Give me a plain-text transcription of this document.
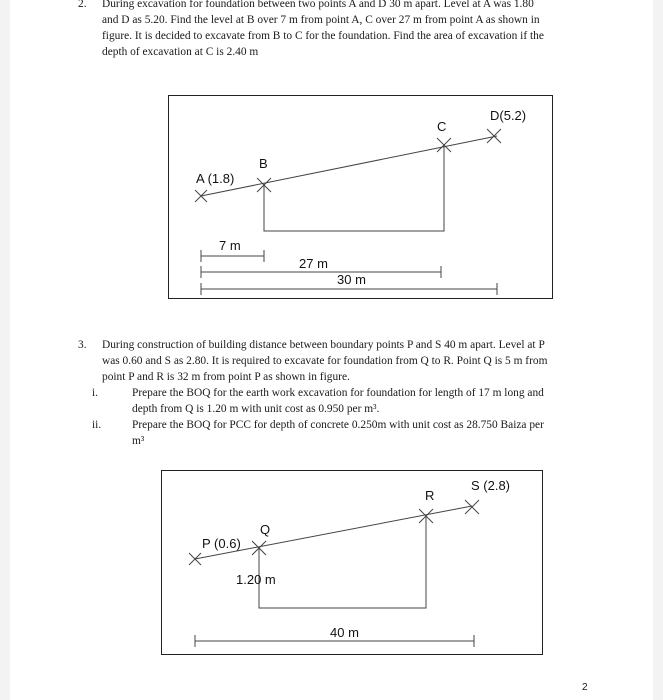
2. During excavation for foundation between two points A and D 30 m apart. Level at A was 1.80
and D as 5.20. Find the level at B over 7 m from point A, C over 27 m from point A as shown in
figure. It is decided to excavate from B to C for the foundation. Find the area of excavation if the
depth of excavation at C is 2.40 m
A (1.8)
B
C
D(5.2)
7 m
27 m
30 m
3. During construction of building distance between boundary points P and S 40 m apart. Level at P
was 0.60 and S as 2.80. It is required to excavate for foundation from Q to R. Point Q is 5 m from
point P and R is 32 m from point P as shown in figure.
i.	Prepare the BOQ for the earth work excavation for foundation for length of 17 m long and
depth from Q is 1.20 m with unit cost as 0.950 per m³.
ii.	Prepare the BOQ for PCC for depth of concrete 0.250m with unit cost as 28.750 Baiza per
m³
P (0.6)
Q
R
S (2.8)
1.20 m
40 m
2
